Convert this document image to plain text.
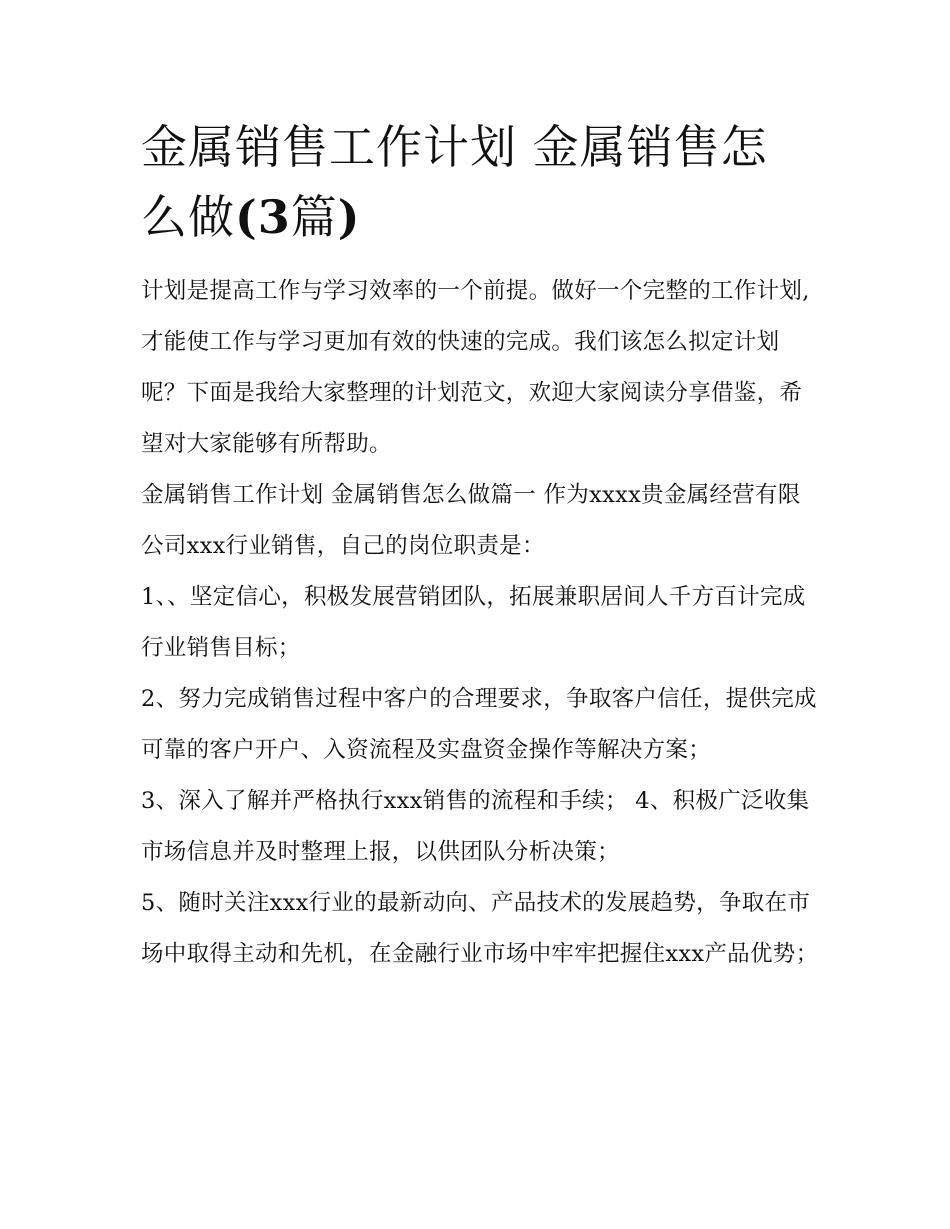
金属销售工作计划 金属销售怎
么做(3篇)

计划是提高工作与学习效率的一个前提。做好一个完整的工作计划,才能使工作与学习更加有效的快速的完成。我们该怎么拟定计划呢？下面是我给大家整理的计划范文，欢迎大家阅读分享借鉴，希望对大家能够有所帮助。

金属销售工作计划 金属销售怎么做篇一 作为xxxx贵金属经营有限公司xxx行业销售，自己的岗位职责是：

1、、坚定信心，积极发展营销团队，拓展兼职居间人千方百计完成行业销售目标；

2、努力完成销售过程中客户的合理要求，争取客户信任，提供完成可靠的客户开户、入资流程及实盘资金操作等解决方案；

3、深入了解并严格执行xxx销售的流程和手续； 4、积极广泛收集市场信息并及时整理上报，以供团队分析决策；

5、随时关注xxx行业的最新动向、产品技术的发展趋势，争取在市场中取得主动和先机，在金融行业市场中牢牢把握住xxx产品优势；
